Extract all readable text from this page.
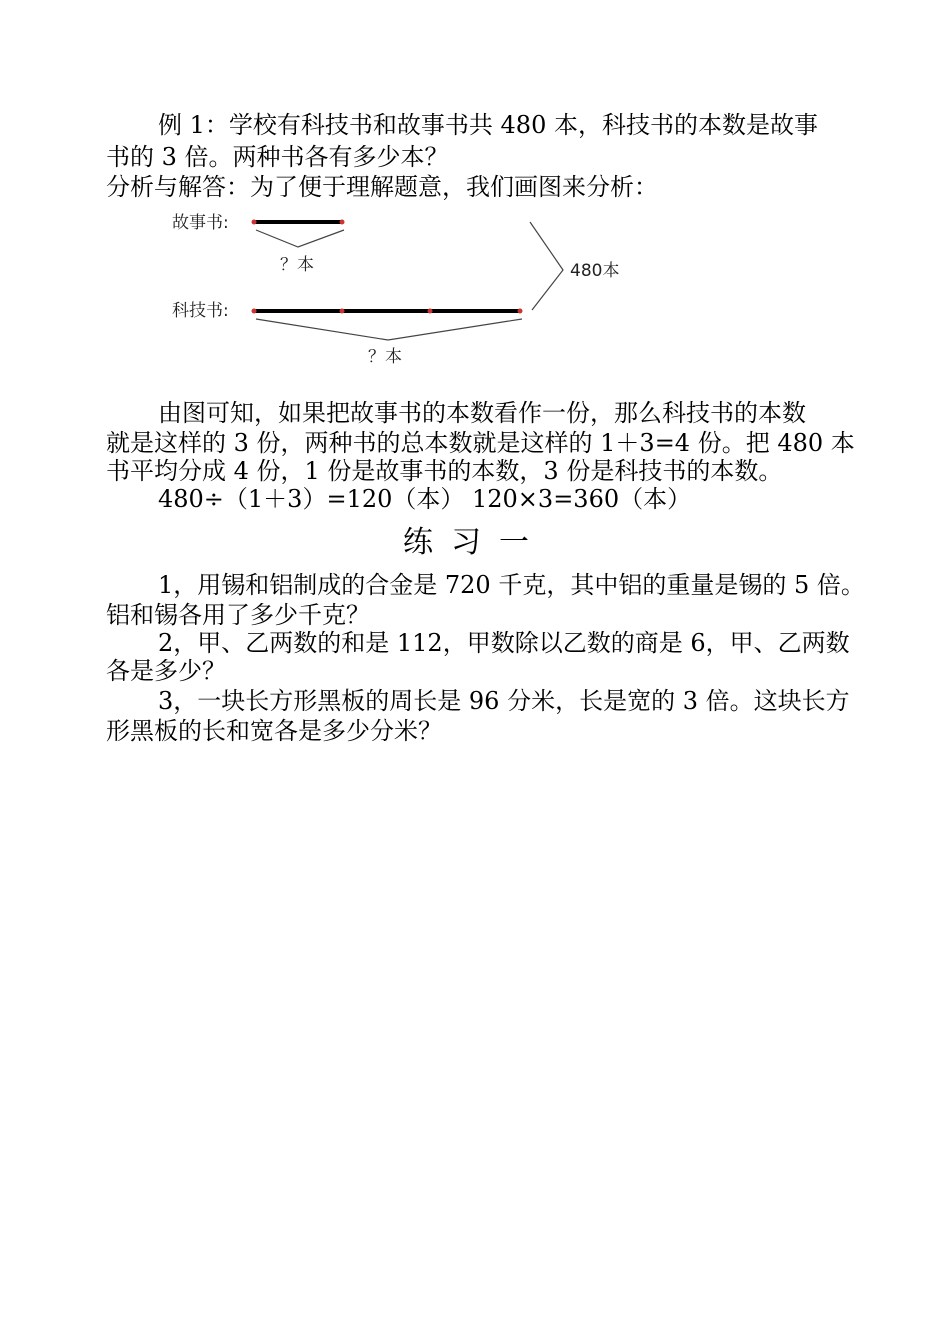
例 1：学校有科技书和故事书共 480 本，科技书的本数是故事
书的 3 倍。两种书各有多少本？
分析与解答：为了便于理解题意，我们画图来分析：
故事书:
？本
科技书:
？本
480本
由图可知，如果把故事书的本数看作一份，那么科技书的本数
就是这样的 3 份，两种书的总本数就是这样的 1＋3=4 份。把 480 本
书平均分成 4 份，1 份是故事书的本数，3 份是科技书的本数。
480÷（1＋3）=120（本） 120×3=360（本）
练习一
1，用锡和铝制成的合金是 720 千克，其中铝的重量是锡的 5 倍。
铝和锡各用了多少千克？
2，甲、乙两数的和是 112，甲数除以乙数的商是 6，甲、乙两数
各是多少？
3，一块长方形黑板的周长是 96 分米，长是宽的 3 倍。这块长方
形黑板的长和宽各是多少分米？
